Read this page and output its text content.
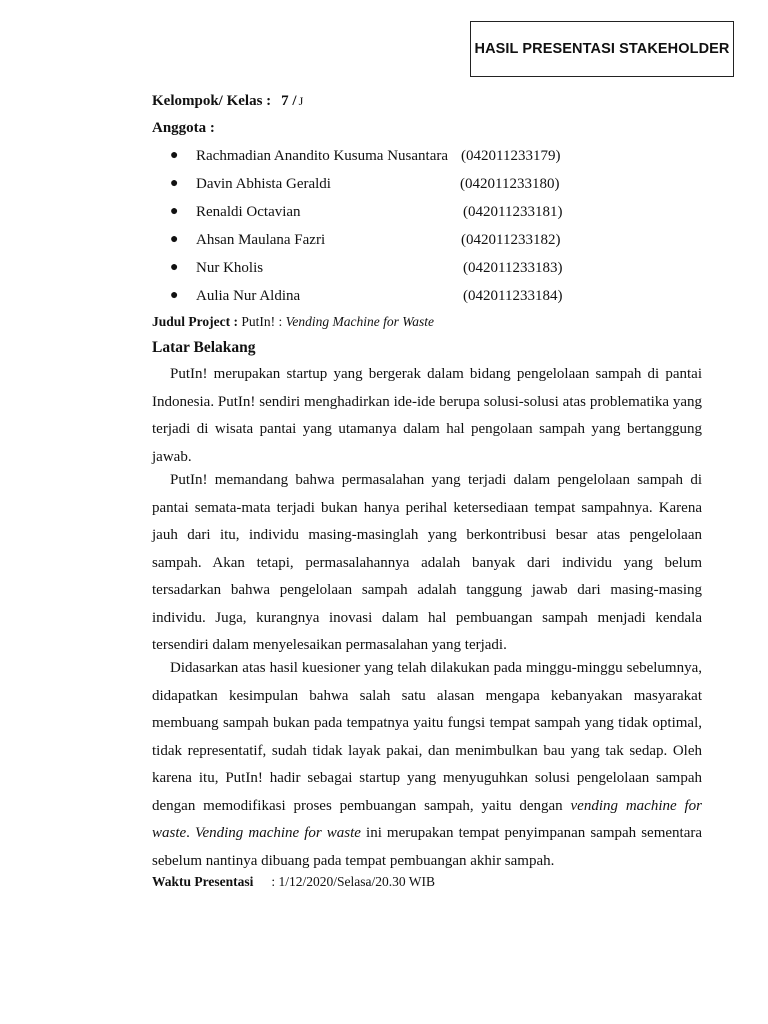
HASIL PRESENTASI STAKEHOLDER
Kelompok/ Kelas : 7 / J
Anggota :
● Rachmadian Anandito Kusuma Nusantara (042011233179)
● Davin Abhista Geraldi	(042011233180)
● Renaldi Octavian	(042011233181)
● Ahsan Maulana Fazri	(042011233182)
● Nur Kholis	(042011233183)
● Aulia Nur Aldina	(042011233184)
Judul Project : PutIn! : Vending Machine for Waste
Latar Belakang

PutIn! merupakan startup yang bergerak dalam bidang pengelolaan sampah di pantai Indonesia. PutIn! sendiri menghadirkan ide-ide berupa solusi-solusi atas problematika yang terjadi di wisata pantai yang utamanya dalam hal pengolaan sampah yang bertanggung jawab.

PutIn! memandang bahwa permasalahan yang terjadi dalam pengelolaan sampah di pantai semata-mata terjadi bukan hanya perihal ketersediaan tempat sampahnya. Karena jauh dari itu, individu masing-masinglah yang berkontribusi besar atas pengelolaan sampah. Akan tetapi, permasalahannya adalah banyak dari individu yang belum tersadarkan bahwa pengelolaan sampah adalah tanggung jawab dari masing-masing individu. Juga, kurangnya inovasi dalam hal pembuangan sampah menjadi kendala tersendiri dalam menyelesaikan permasalahan yang terjadi.

Didasarkan atas hasil kuesioner yang telah dilakukan pada minggu-minggu sebelumnya, didapatkan kesimpulan bahwa salah satu alasan mengapa kebanyakan masyarakat membuang sampah bukan pada tempatnya yaitu fungsi tempat sampah yang tidak optimal, tidak representatif, sudah tidak layak pakai, dan menimbulkan bau yang tak sedap. Oleh karena itu, PutIn! hadir sebagai startup yang menyuguhkan solusi pengelolaan sampah dengan memodifikasi proses pembuangan sampah, yaitu dengan vending machine for waste. Vending machine for waste ini merupakan tempat penyimpanan sampah sementara sebelum nantinya dibuang pada tempat pembuangan akhir sampah.

Waktu Presentasi : 1/12/2020/Selasa/20.30 WIB
